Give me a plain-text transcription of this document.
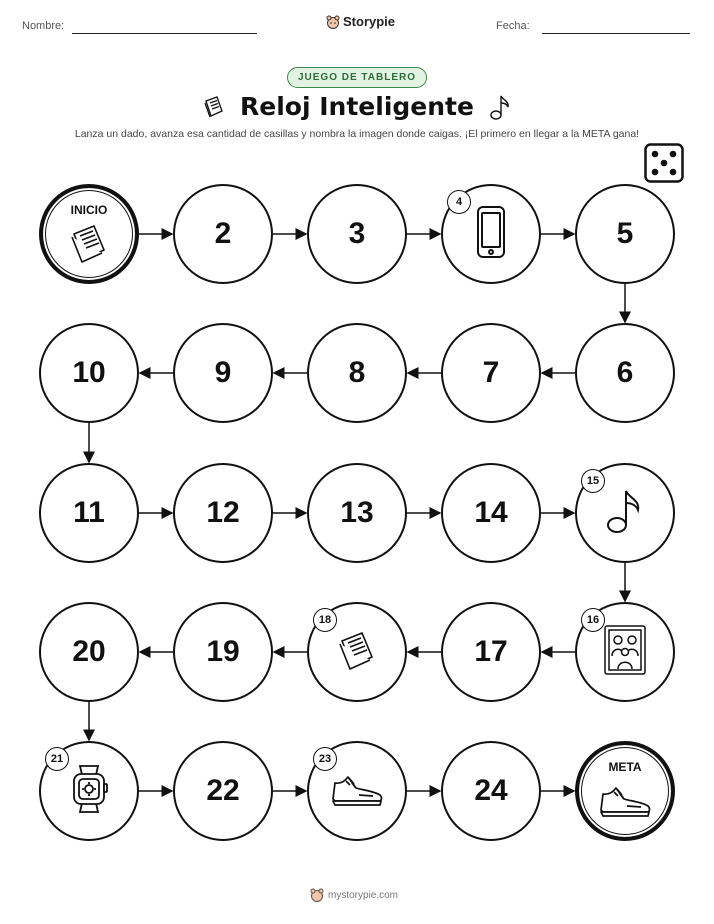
Nombre:	Storypie	Fecha:
JUEGO DE TABLERO
Reloj Inteligente
Lanza un dado, avanza esa cantidad de casillas y nombra la imagen donde caigas. ¡El primero en llegar a la META gana!
INICIO
2	3
4
5
6
7
8
9
10
11	12	13	14
15
16
17
18
19
20
21
22
23
24
META
mystorypie.com
